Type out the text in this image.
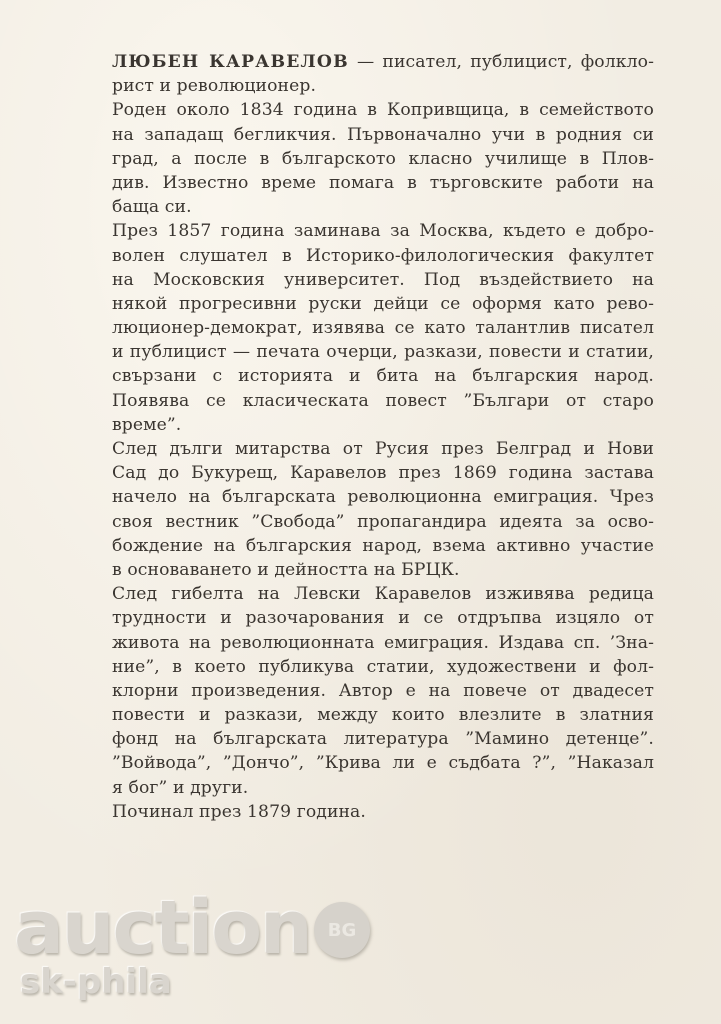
ЛЮБЕН КАРАВЕЛОВ — писател, публицист, фолкло-
рист и революционер.
Роден около 1834 година в Копривщица, в семейството
на западащ бегликчия. Първоначално учи в родния си
град, а после в българското класно училище в Плов-
див. Известно време помага в търговските работи на
баща си.
През 1857 година заминава за Москва, където е добро-
волен слушател в Историко-филологическия факултет
на Московския университет. Под въздействието на
някой прогресивни руски дейци се оформя като рево-
люционер-демократ, изявява се като талантлив писател
и публицист — печата очерци, разкази, повести и статии,
свързани с историята и бита на българския народ.
Появява се класическата повест ”Българи от старо
време”.
След дълги митарства от Русия през Белград и Нови
Сад до Букурещ, Каравелов през 1869 година застава
начело на българската революционна емиграция. Чрез
своя вестник ”Свобода” пропагандира идеята за осво-
бождение на българския народ, взема активно участие
в основаването и дейността на БРЦК.
След гибелта на Левски Каравелов изживява редица
трудности и разочарования и се отдръпва изцяло от
живота на революционната емиграция. Издава сп. ’Зна-
ние”, в което публикува статии, художествени и фол-
клорни произведения. Автор е на повече от двадесет
повести и разкази, между които влезлите в златния
фонд на българската литература ”Мамино детенце”.
”Войвода”, ”Дончо”, ”Крива ли е съдбата ?”, ”Наказал
я бог” и други.
Починал през 1879 година.
auction BG
sk-phila
